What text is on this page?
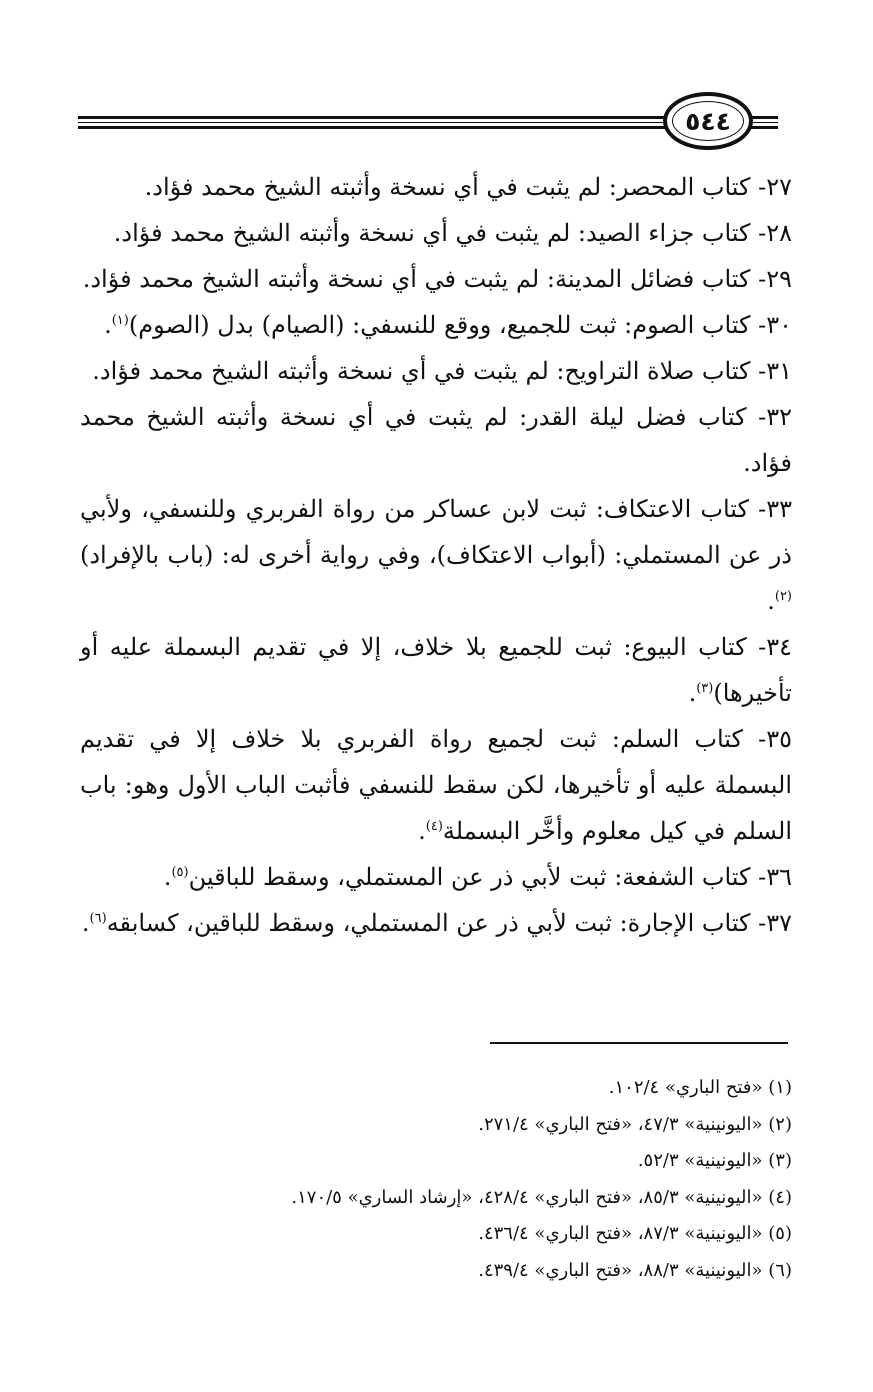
٥٤٤

٢٧- كتاب المحصر: لم يثبت في أي نسخة وأثبته الشيخ محمد فؤاد.

٢٨- كتاب جزاء الصيد: لم يثبت في أي نسخة وأثبته الشيخ محمد فؤاد.

٢٩- كتاب فضائل المدينة: لم يثبت في أي نسخة وأثبته الشيخ محمد فؤاد.

٣٠- كتاب الصوم: ثبت للجميع، ووقع للنسفي: (الصيام) بدل (الصوم)$^{(١)}$.

٣١- كتاب صلاة التراويح: لم يثبت في أي نسخة وأثبته الشيخ محمد فؤاد.

٣٢- كتاب فضل ليلة القدر: لم يثبت في أي نسخة وأثبته الشيخ محمد فؤاد.

٣٣- كتاب الاعتكاف: ثبت لابن عساكر من رواة الفربري وللنسفي، ولأبي ذر عن المستملي: (أبواب الاعتكاف)، وفي رواية أخرى له: (باب بالإفراد)$^{(٢)}$.

٣٤- كتاب البيوع: ثبت للجميع بلا خلاف، إلا في تقديم البسملة عليه أو تأخيرها)$^{(٣)}$.

٣٥- كتاب السلم: ثبت لجميع رواة الفربري بلا خلاف إلا في تقديم البسملة عليه أو تأخيرها، لكن سقط للنسفي فأثبت الباب الأول وهو: باب السلم في كيل معلوم وأخَّر البسملة$^{(٤)}$.

٣٦- كتاب الشفعة: ثبت لأبي ذر عن المستملي، وسقط للباقين$^{(٥)}$.

٣٧- كتاب الإجارة: ثبت لأبي ذر عن المستملي، وسقط للباقين، كسابقه$^{(٦)}$.

(١) «فتح الباري» ١٠٢/٤.
(٢) «اليونينية» ٤٧/٣، «فتح الباري» ٢٧١/٤.
(٣) «اليونينية» ٥٢/٣.
(٤) «اليونينية» ٨٥/٣، «فتح الباري» ٤٢٨/٤، «إرشاد الساري» ١٧٠/٥.
(٥) «اليونينية» ٨٧/٣، «فتح الباري» ٤٣٦/٤.
(٦) «اليونينية» ٨٨/٣، «فتح الباري» ٤٣٩/٤.
